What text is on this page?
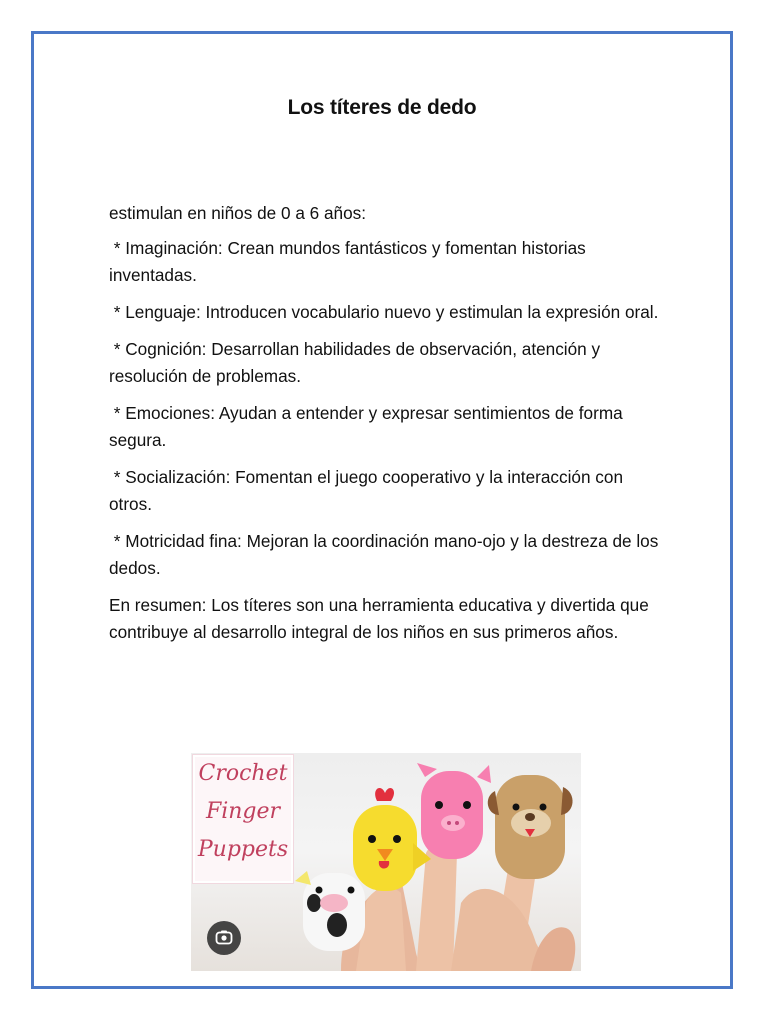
Los títeres de dedo

estimulan en niños de 0 a 6 años:

* Imaginación: Crean mundos fantásticos y fomentan historias inventadas.

* Lenguaje: Introducen vocabulario nuevo y estimulan la expresión oral.

* Cognición: Desarrollan habilidades de observación, atención y resolución de problemas.

* Emociones: Ayudan a entender y expresar sentimientos de forma segura.

* Socialización: Fomentan el juego cooperativo y la interacción con otros.

* Motricidad fina: Mejoran la coordinación mano-ojo y la destreza de los dedos.

En resumen: Los títeres son una herramienta educativa y divertida que contribuye al desarrollo integral de los niños en sus primeros años.

Crochet
Finger
Puppets
